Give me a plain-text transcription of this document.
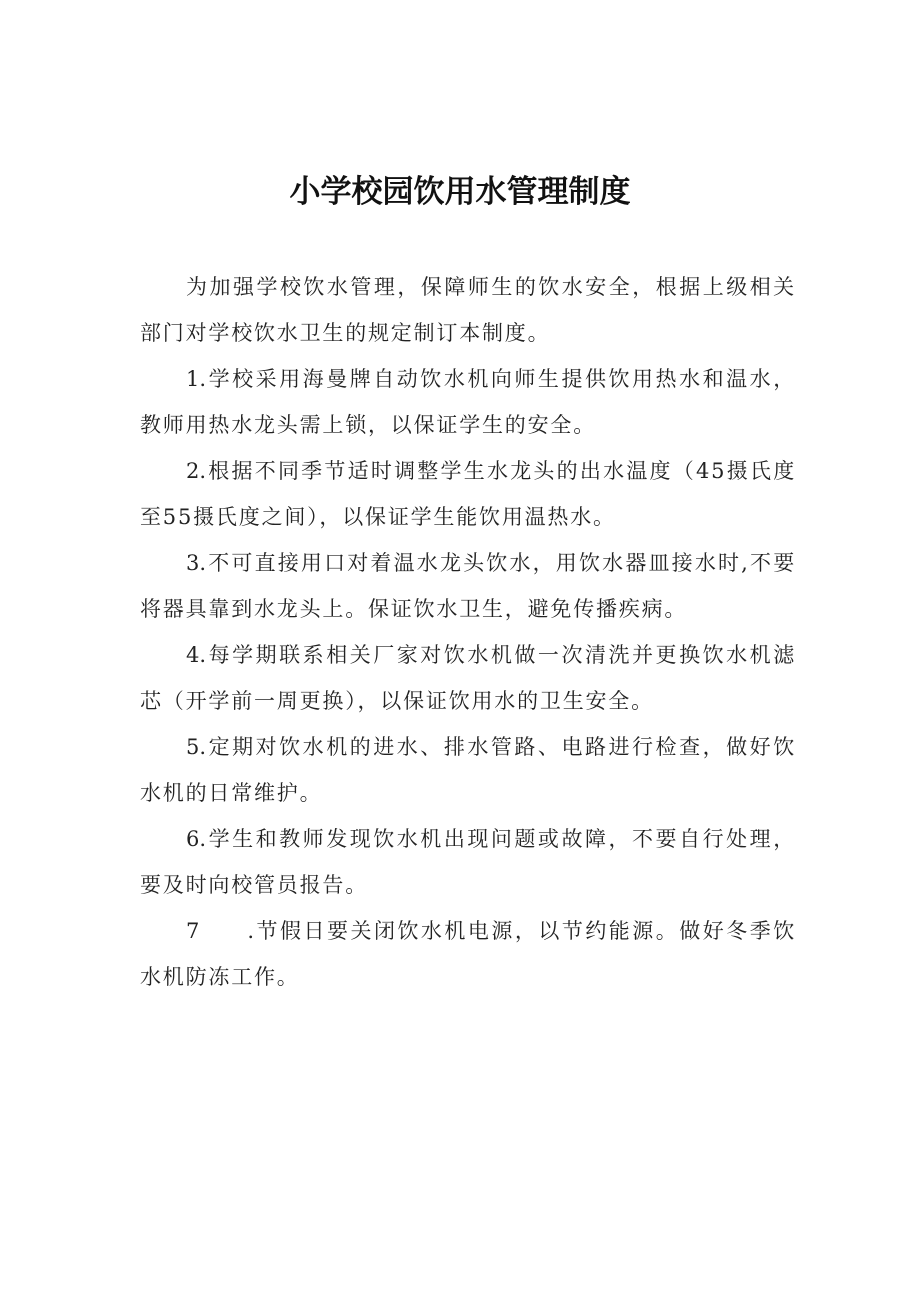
小学校园饮用水管理制度

为加强学校饮水管理，保障师生的饮水安全，根据上级相关部门对学校饮水卫生的规定制订本制度。

1.学校采用海曼牌自动饮水机向师生提供饮用热水和温水，教师用热水龙头需上锁，以保证学生的安全。

2.根据不同季节适时调整学生水龙头的出水温度（45摄氏度至55摄氏度之间），以保证学生能饮用温热水。

3.不可直接用口对着温水龙头饮水，用饮水器皿接水时,不要将器具靠到水龙头上。保证饮水卫生，避免传播疾病。

4.每学期联系相关厂家对饮水机做一次清洗并更换饮水机滤芯（开学前一周更换），以保证饮用水的卫生安全。

5.定期对饮水机的进水、排水管路、电路进行检查，做好饮水机的日常维护。

6.学生和教师发现饮水机出现问题或故障，不要自行处理，要及时向校管员报告。

7 .节假日要关闭饮水机电源，以节约能源。做好冬季饮水机防冻工作。
